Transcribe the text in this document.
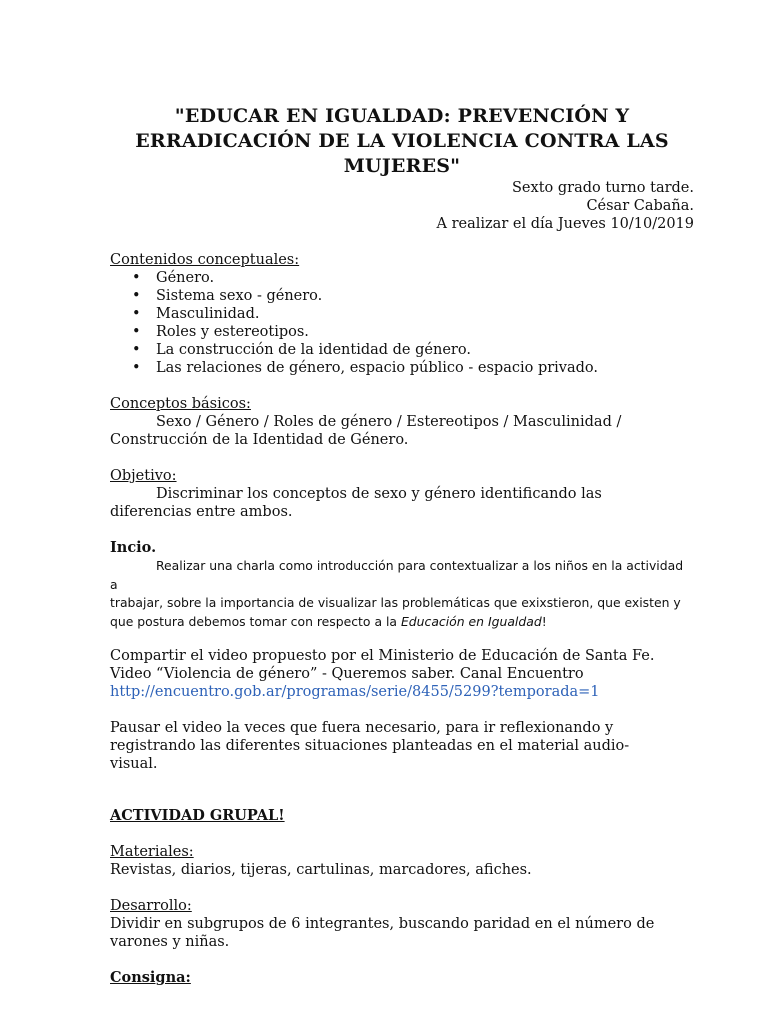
"EDUCAR EN IGUALDAD: PREVENCIÓN Y
ERRADICACIÓN DE LA VIOLENCIA CONTRA LAS
MUJERES"
Sexto grado turno tarde.
César Cabaña.
A realizar el día Jueves 10/10/2019
Contenidos conceptuales:
• Género.
• Sistema sexo - género.
• Masculinidad.
• Roles y estereotipos.
• La construcción de la identidad de género.
• Las relaciones de género, espacio público - espacio privado.
Conceptos básicos:
Sexo / Género / Roles de género / Estereotipos / Masculinidad /
Construcción de la Identidad de Género.
Objetivo:
Discriminar los conceptos de sexo y género identificando las
diferencias entre ambos.
Incio.
Realizar una charla como introducción para contextualizar a los niños en la actividad a
trabajar, sobre la importancia de visualizar las problemáticas que exixstieron, que existen y
que postura debemos tomar con respecto a la Educación en Igualdad!
Compartir el video propuesto por el Ministerio de Educación de Santa Fe.
Video “Violencia de género” - Queremos saber. Canal Encuentro
http://encuentro.gob.ar/programas/serie/8455/5299?temporada=1
Pausar el video la veces que fuera necesario, para ir reflexionando y
registrando las diferentes situaciones planteadas en el material audio-
visual.
ACTIVIDAD GRUPAL!
Materiales:
Revistas, diarios, tijeras, cartulinas, marcadores, afiches.
Desarrollo:
Dividir en subgrupos de 6 integrantes, buscando paridad en el número de
varones y niñas.
Consigna:
